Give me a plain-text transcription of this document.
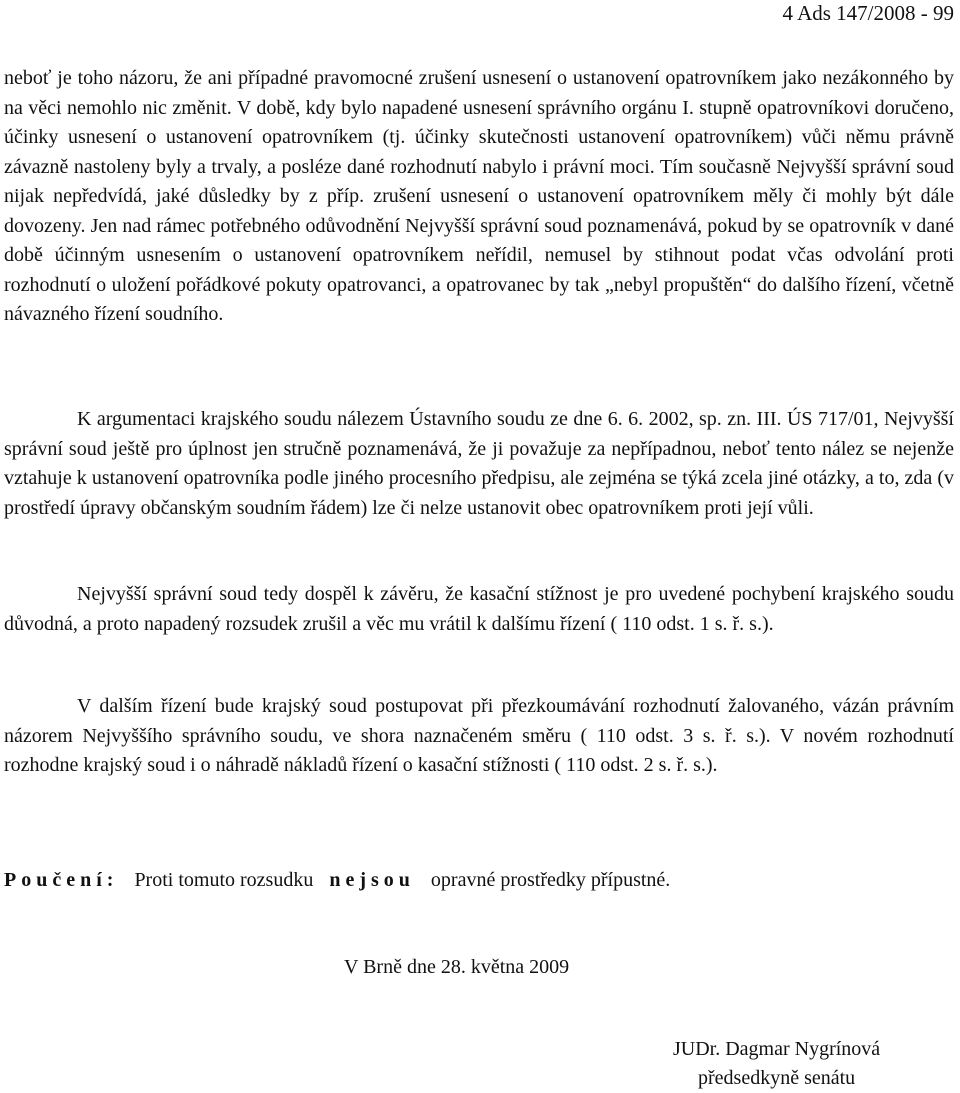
4 Ads 147/2008 - 99

neboť je toho názoru, že ani případné pravomocné zrušení usnesení o ustanovení opatrovníkem jako nezákonného by na věci nemohlo nic změnit. V době, kdy bylo napadené usnesení správního orgánu I. stupně opatrovníkovi doručeno, účinky usnesení o ustanovení opatrovníkem (tj. účinky skutečnosti ustanovení opatrovníkem) vůči němu právně závazně nastoleny byly a trvaly, a posléze dané rozhodnutí nabylo i právní moci. Tím současně Nejvyšší správní soud nijak nepředvídá, jaké důsledky by z příp. zrušení usnesení o ustanovení opatrovníkem měly či mohly být dále dovozeny. Jen nad rámec potřebného odůvodnění Nejvyšší správní soud poznamenává, pokud by se opatrovník v dané době účinným usnesením o ustanovení opatrovníkem neřídil, nemusel by stihnout podat včas odvolání proti rozhodnutí o uložení pořádkové pokuty opatrovanci, a opatrovanec by tak „nebyl propuštěn“ do dalšího řízení, včetně návazného řízení soudního.

K argumentaci krajského soudu nálezem Ústavního soudu ze dne 6. 6. 2002, sp. zn. III. ÚS 717/01, Nejvyšší správní soud ještě pro úplnost jen stručně poznamenává, že ji považuje za nepřípadnou, neboť tento nález se nejenže vztahuje k ustanovení opatrovníka podle jiného procesního předpisu, ale zejména se týká zcela jiné otázky, a to, zda (v prostředí úpravy občanským soudním řádem) lze či nelze ustanovit obec opatrovníkem proti její vůli.

Nejvyšší správní soud tedy dospěl k závěru, že kasační stížnost je pro uvedené pochybení krajského soudu důvodná, a proto napadený rozsudek zrušil a věc mu vrátil k dalšímu řízení ( 110 odst. 1 s. ř. s.).

V dalším řízení bude krajský soud postupovat při přezkoumávání rozhodnutí žalovaného, vázán právním názorem Nejvyššího správního soudu, ve shora naznačeném směru ( 110 odst. 3 s. ř. s.). V novém rozhodnutí rozhodne krajský soud i o náhradě nákladů řízení o kasační stížnosti ( 110 odst. 2 s. ř. s.).

Poučení: Proti tomuto rozsudku nejsou opravné prostředky přípustné.
V Brně dne 28. května 2009
JUDr. Dagmar Nygrínová
předsedkyně senátu
